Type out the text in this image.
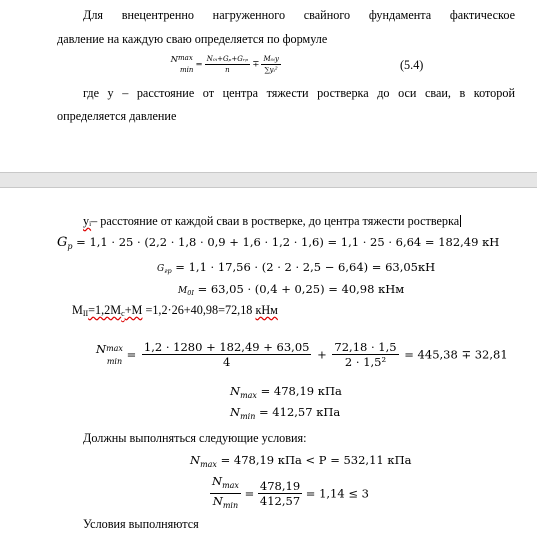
Для внецентренно нагруженного свайного фундамента фактическое
давление на каждую сваю определяется по формуле
$N^{max}$
$\min = \frac{\text{N₀ᵢ+Gₚ+Gᵣₚ}}{n} \mp \frac{\text{M₀ᵢy}}{\text{∑yᵢ²}}$	(5.4)
где y – расстояние от центра тяжести ростверка до оси сваи, в которой
определяется давление
yᵢ– расстояние от каждой сваи в ростверке, до центра тяжести ростверка
$G_p = 1,1 \cdot 25 \cdot (2,2 \cdot 1,8 \cdot 0,9 + 1,6 \cdot 1,2 \cdot 1,6) = 1,1 \cdot 25 \cdot 6,64 = 182,49$ кН
$G_{гр} = 1,1 \cdot 17,56 \cdot (2 \cdot 2 \cdot 2,5 - 6,64) = 63,05кН$
$M_{0I} = 63,05 \cdot (0,4 + 0,25) = 40,98$ кНм
MII=1,2Mc+M =1,2·26+40,98=72,18 кНм
Nmax
$\min = \frac{1,2 \cdot 1280 + 182,49 + 63,05}{4} + \frac{72,18 \cdot 1,5}{\text{2 · 1,5²}} = 445,38 \mp 32,81$
$N_{max} = 478,19$ кПа
$N_{min} = 412,57$ кПа
Должны выполняться следующие условия:
$N_{max} = 478,19$ кПа < P = 532,11 кПа
$\frac{N_{max}}{N_{min}} = \frac{478,19}{412,57} = 1,14 \le 3$
Условия выполняются
